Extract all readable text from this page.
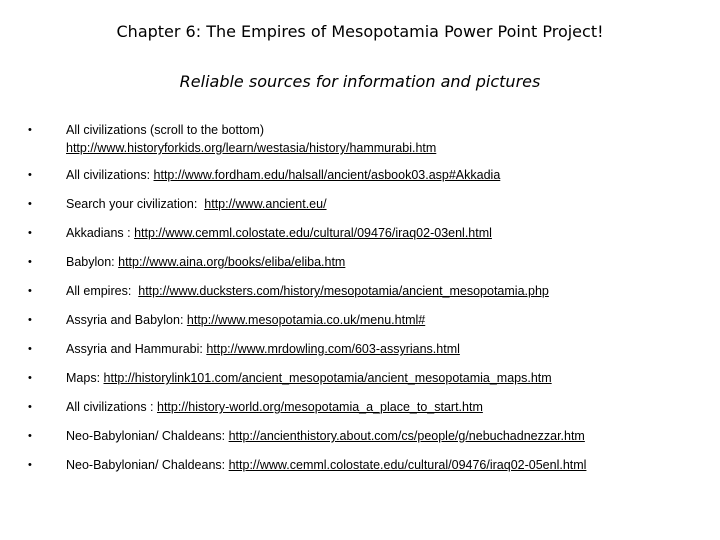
Chapter 6: The Empires of Mesopotamia Power Point Project!
Reliable sources for information and pictures
•	All civilizations (scroll to the bottom)
http://www.historyforkids.org/learn/westasia/history/hammurabi.htm
•	All civilizations: http://www.fordham.edu/halsall/ancient/asbook03.asp#Akkadia
•	Search your civilization:  http://www.ancient.eu/
•	Akkadians : http://www.cemml.colostate.edu/cultural/09476/iraq02-03enl.html
•	Babylon: http://www.aina.org/books/eliba/eliba.htm
•	All empires:  http://www.ducksters.com/history/mesopotamia/ancient_mesopotamia.php
•	Assyria and Babylon: http://www.mesopotamia.co.uk/menu.html#
•	Assyria and Hammurabi: http://www.mrdowling.com/603-assyrians.html
•	Maps: http://historylink101.com/ancient_mesopotamia/ancient_mesopotamia_maps.htm
•	All civilizations : http://history-world.org/mesopotamia_a_place_to_start.htm
•	Neo-Babylonian/ Chaldeans: http://ancienthistory.about.com/cs/people/g/nebuchadnezzar.htm
•	Neo-Babylonian/ Chaldeans: http://www.cemml.colostate.edu/cultural/09476/iraq02-05enl.html
